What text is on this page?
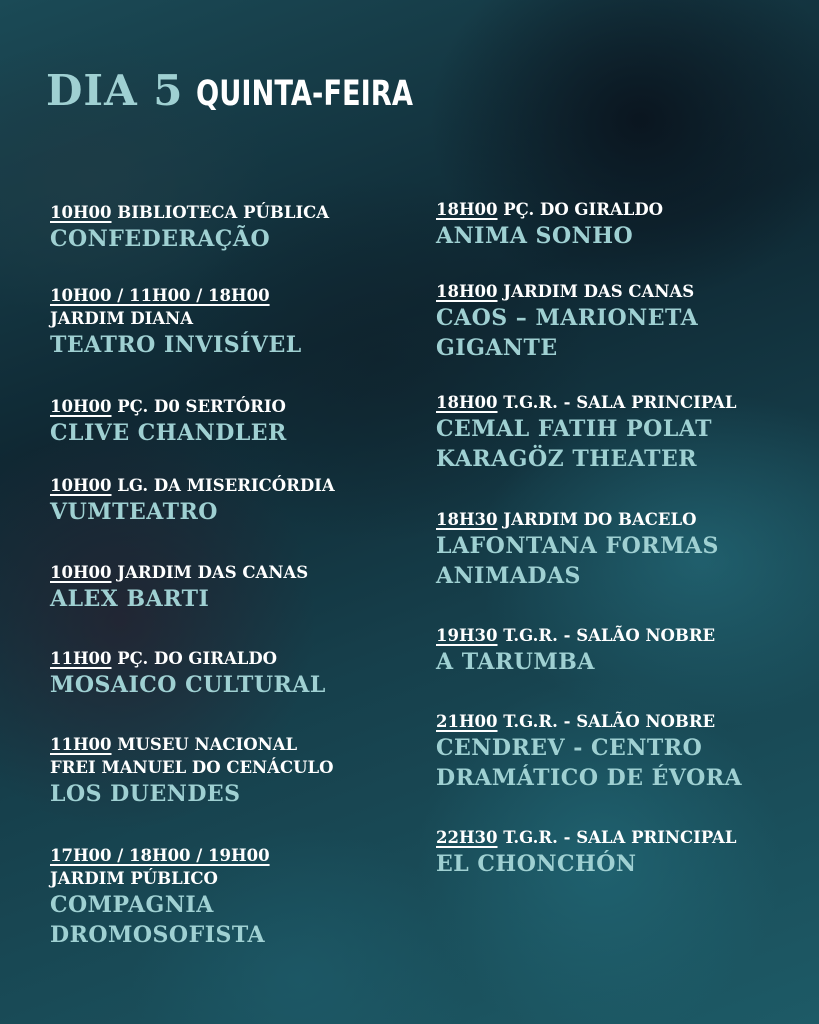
DIA 5 QUINTA-FEIRA
10H00 BIBLIOTECA PÚBLICA
CONFEDERAÇÃO
10H00 / 11H00 / 18H00
JARDIM DIANA
TEATRO INVISÍVEL
10H00 PÇ. D0 SERTÓRIO
CLIVE CHANDLER
10H00 LG. DA MISERICÓRDIA
VUMTEATRO
10H00 JARDIM DAS CANAS
ALEX BARTI
11H00 PÇ. DO GIRALDO
MOSAICO CULTURAL
11H00 MUSEU NACIONAL
FREI MANUEL DO CENÁCULO
LOS DUENDES
17H00 / 18H00 / 19H00
JARDIM PÚBLICO
COMPAGNIA
DROMOSOFISTA
18H00 PÇ. DO GIRALDO
ANIMA SONHO
18H00 JARDIM DAS CANAS
CAOS – MARIONETA
GIGANTE
18H00 T.G.R. - SALA PRINCIPAL
CEMAL FATIH POLAT
KARAGÖZ THEATER
18H30 JARDIM DO BACELO
LAFONTANA FORMAS
ANIMADAS
19H30 T.G.R. - SALÃO NOBRE
A TARUMBA
21H00 T.G.R. - SALÃO NOBRE
CENDREV - CENTRO
DRAMÁTICO DE ÉVORA
22H30 T.G.R. - SALA PRINCIPAL
EL CHONCHÓN
